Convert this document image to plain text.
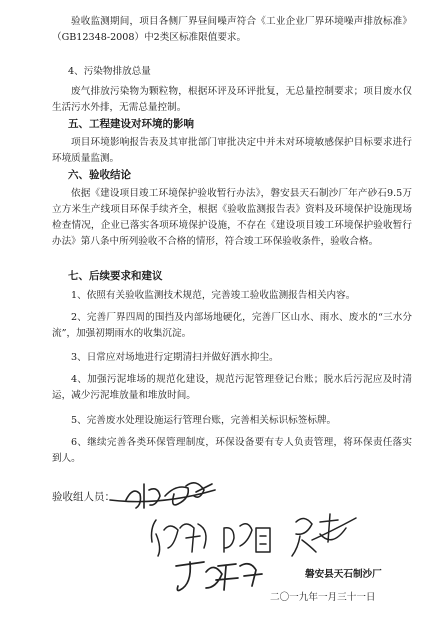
验收监测期间，项目各侧厂界昼间噪声符合《工业企业厂界环境噪声排放标准》（GB12348-2008）中2类区标准限值要求。
4、污染物排放总量
废气排放污染物为颗粒物，根据环评及环评批复，无总量控制要求；项目废水仅生活污水外排，无需总量控制。
五、工程建设对环境的影响
项目环境影响报告表及其审批部门审批决定中并未对环境敏感保护目标要求进行环境质量监测。
六、验收结论
依据《建设项目竣工环境保护验收暂行办法》，磐安县天石制沙厂年产砂石9.5万立方米生产线项目环保手续齐全，根据《验收监测报告表》资料及环境保护设施现场检查情况，企业已落实各项环境保护设施，不存在《建设项目竣工环境保护验收暂行办法》第八条中所列验收不合格的情形，符合竣工环保验收条件，验收合格。
七、后续要求和建议
1、依照有关验收监测技术规范，完善竣工验收监测报告相关内容。
2、完善厂界四周的围挡及内部场地硬化，完善厂区山水、雨水、废水的“三水分流”，加强初期雨水的收集沉淀。
3、日常应对场地进行定期清扫并做好洒水抑尘。
4、加强污泥堆场的规范化建设，规范污泥管理登记台账；脱水后污泥应及时清运，减少污泥堆放量和堆放时间。
5、完善废水处理设施运行管理台账，完善相关标识标签标牌。
6、继续完善各类环保管理制度，环保设备要有专人负责管理，将环保责任落实到人。
验收组人员：
磐安县天石制沙厂
二〇一九年一月三十一日
